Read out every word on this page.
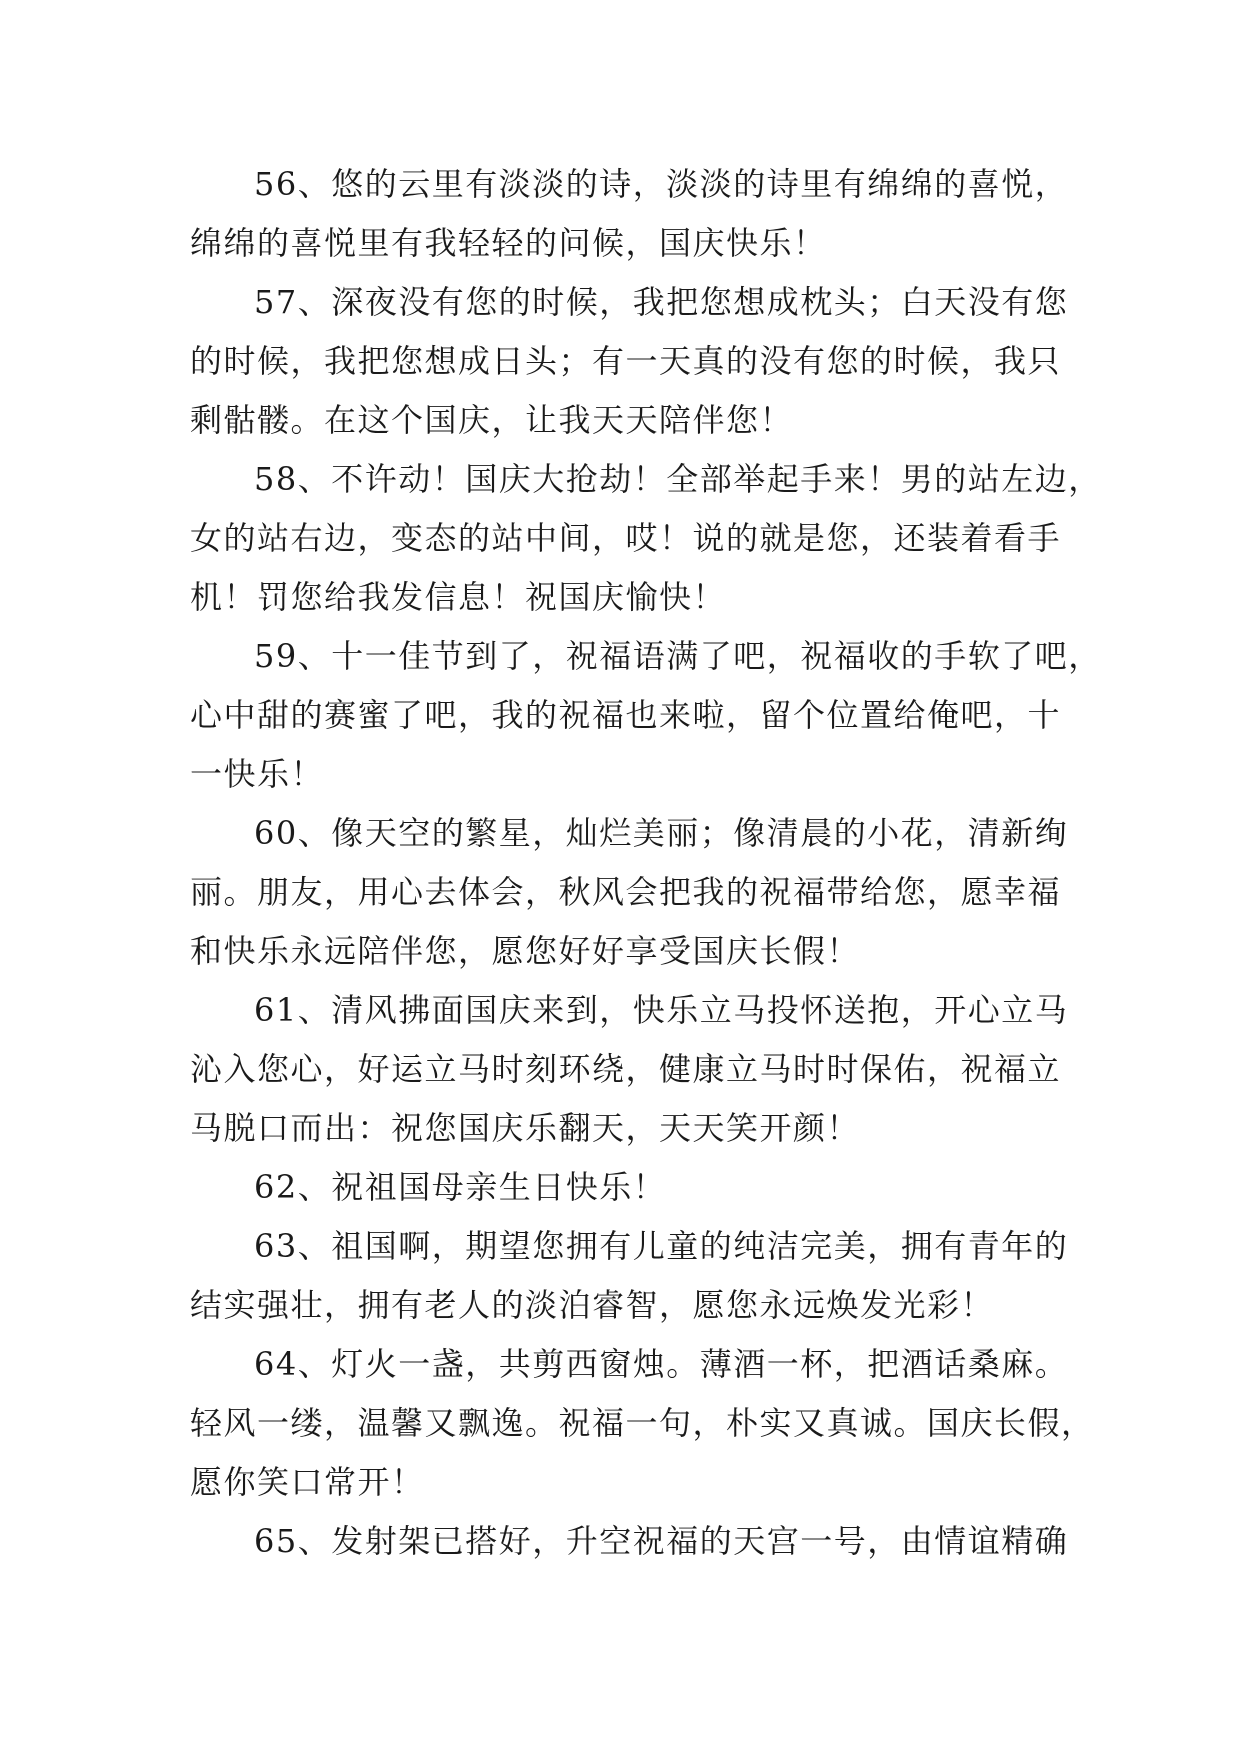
56、悠的云里有淡淡的诗，淡淡的诗里有绵绵的喜悦，
绵绵的喜悦里有我轻轻的问候，国庆快乐！

57、深夜没有您的时候，我把您想成枕头；白天没有您
的时候，我把您想成日头；有一天真的没有您的时候，我只
剩骷髅。在这个国庆，让我天天陪伴您！

58、不许动！国庆大抢劫！全部举起手来！男的站左边，
女的站右边，变态的站中间，哎！说的就是您，还装着看手
机！罚您给我发信息！祝国庆愉快！

59、十一佳节到了，祝福语满了吧，祝福收的手软了吧，
心中甜的赛蜜了吧，我的祝福也来啦，留个位置给俺吧，十
一快乐！

60、像天空的繁星，灿烂美丽；像清晨的小花，清新绚
丽。朋友，用心去体会，秋风会把我的祝福带给您，愿幸福
和快乐永远陪伴您，愿您好好享受国庆长假！

61、清风拂面国庆来到，快乐立马投怀送抱，开心立马
沁入您心，好运立马时刻环绕，健康立马时时保佑，祝福立
马脱口而出：祝您国庆乐翻天，天天笑开颜！

62、祝祖国母亲生日快乐！

63、祖国啊，期望您拥有儿童的纯洁完美，拥有青年的
结实强壮，拥有老人的淡泊睿智，愿您永远焕发光彩！

64、灯火一盏，共剪西窗烛。薄酒一杯，把酒话桑麻。
轻风一缕，温馨又飘逸。祝福一句，朴实又真诚。国庆长假，
愿你笑口常开！

65、发射架已搭好，升空祝福的天宫一号，由情谊精确
